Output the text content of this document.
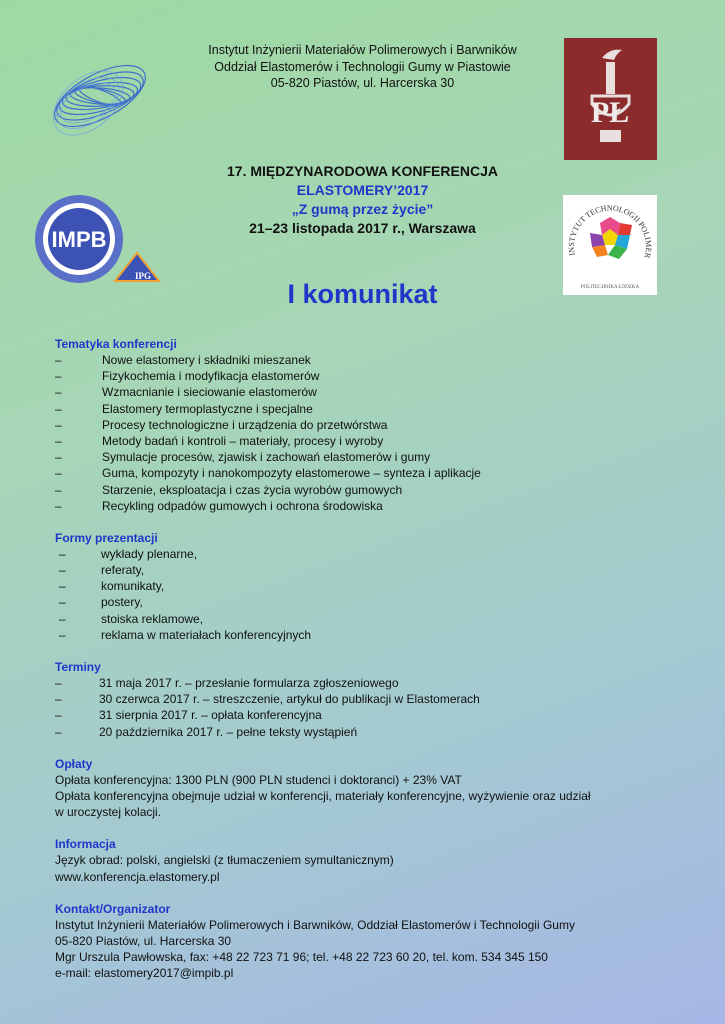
PŁ
IMPB
IPG
INSTYTUT TECHNOLOGII POLIMER
POLITECHNIKA ŁÓDZKA
Instytut Inżynierii Materiałów Polimerowych i Barwników
Oddział Elastomerów i Technologii Gumy w Piastowie
05-820 Piastów, ul. Harcerska 30
17. MIĘDZYNARODOWA KONFERENCJA
ELASTOMERY’2017
„Z gumą przez życie”
21–23 listopada 2017 r., Warszawa
I komunikat
Tematyka konferencji
–	Nowe elastomery i składniki mieszanek
–	Fizykochemia i modyfikacja elastomerów
–	Wzmacnianie i sieciowanie elastomerów
–	Elastomery termoplastyczne i specjalne
–	Procesy technologiczne i urządzenia do przetwórstwa
–	Metody badań i kontroli – materiały, procesy i wyroby
–	Symulacje procesów, zjawisk i zachowań elastomerów i gumy
–	Guma, kompozyty i nanokompozyty elastomerowe – synteza i aplikacje
–	Starzenie, eksploatacja i czas życia wyrobów gumowych
–	Recykling odpadów gumowych i ochrona środowiska
Formy prezentacji
–	wykłady plenarne,
–	referaty,
–	komunikaty,
–	postery,
–	stoiska reklamowe,
–	reklama w materiałach konferencyjnych
Terminy
–	31 maja 2017 r. – przesłanie formularza zgłoszeniowego
–	30 czerwca 2017 r. – streszczenie, artykuł do publikacji w Elastomerach
–	31 sierpnia 2017 r. – opłata konferencyjna
–	20 października 2017 r. – pełne teksty wystąpień
Opłaty
Opłata konferencyjna: 1300 PLN (900 PLN studenci i doktoranci) + 23% VAT
Opłata konferencyjna obejmuje udział w konferencji, materiały konferencyjne, wyżywienie oraz udział
w uroczystej kolacji.
Informacja
Język obrad: polski, angielski (z tłumaczeniem symultanicznym)
www.konferencja.elastomery.pl
Kontakt/Organizator
Instytut Inżynierii Materiałów Polimerowych i Barwników, Oddział Elastomerów i Technologii Gumy
05-820 Piastów, ul. Harcerska 30
Mgr Urszula Pawłowska, fax: +48 22 723 71 96; tel. +48 22 723 60 20, tel. kom. 534 345 150
e-mail: elastomery2017@impib.pl
